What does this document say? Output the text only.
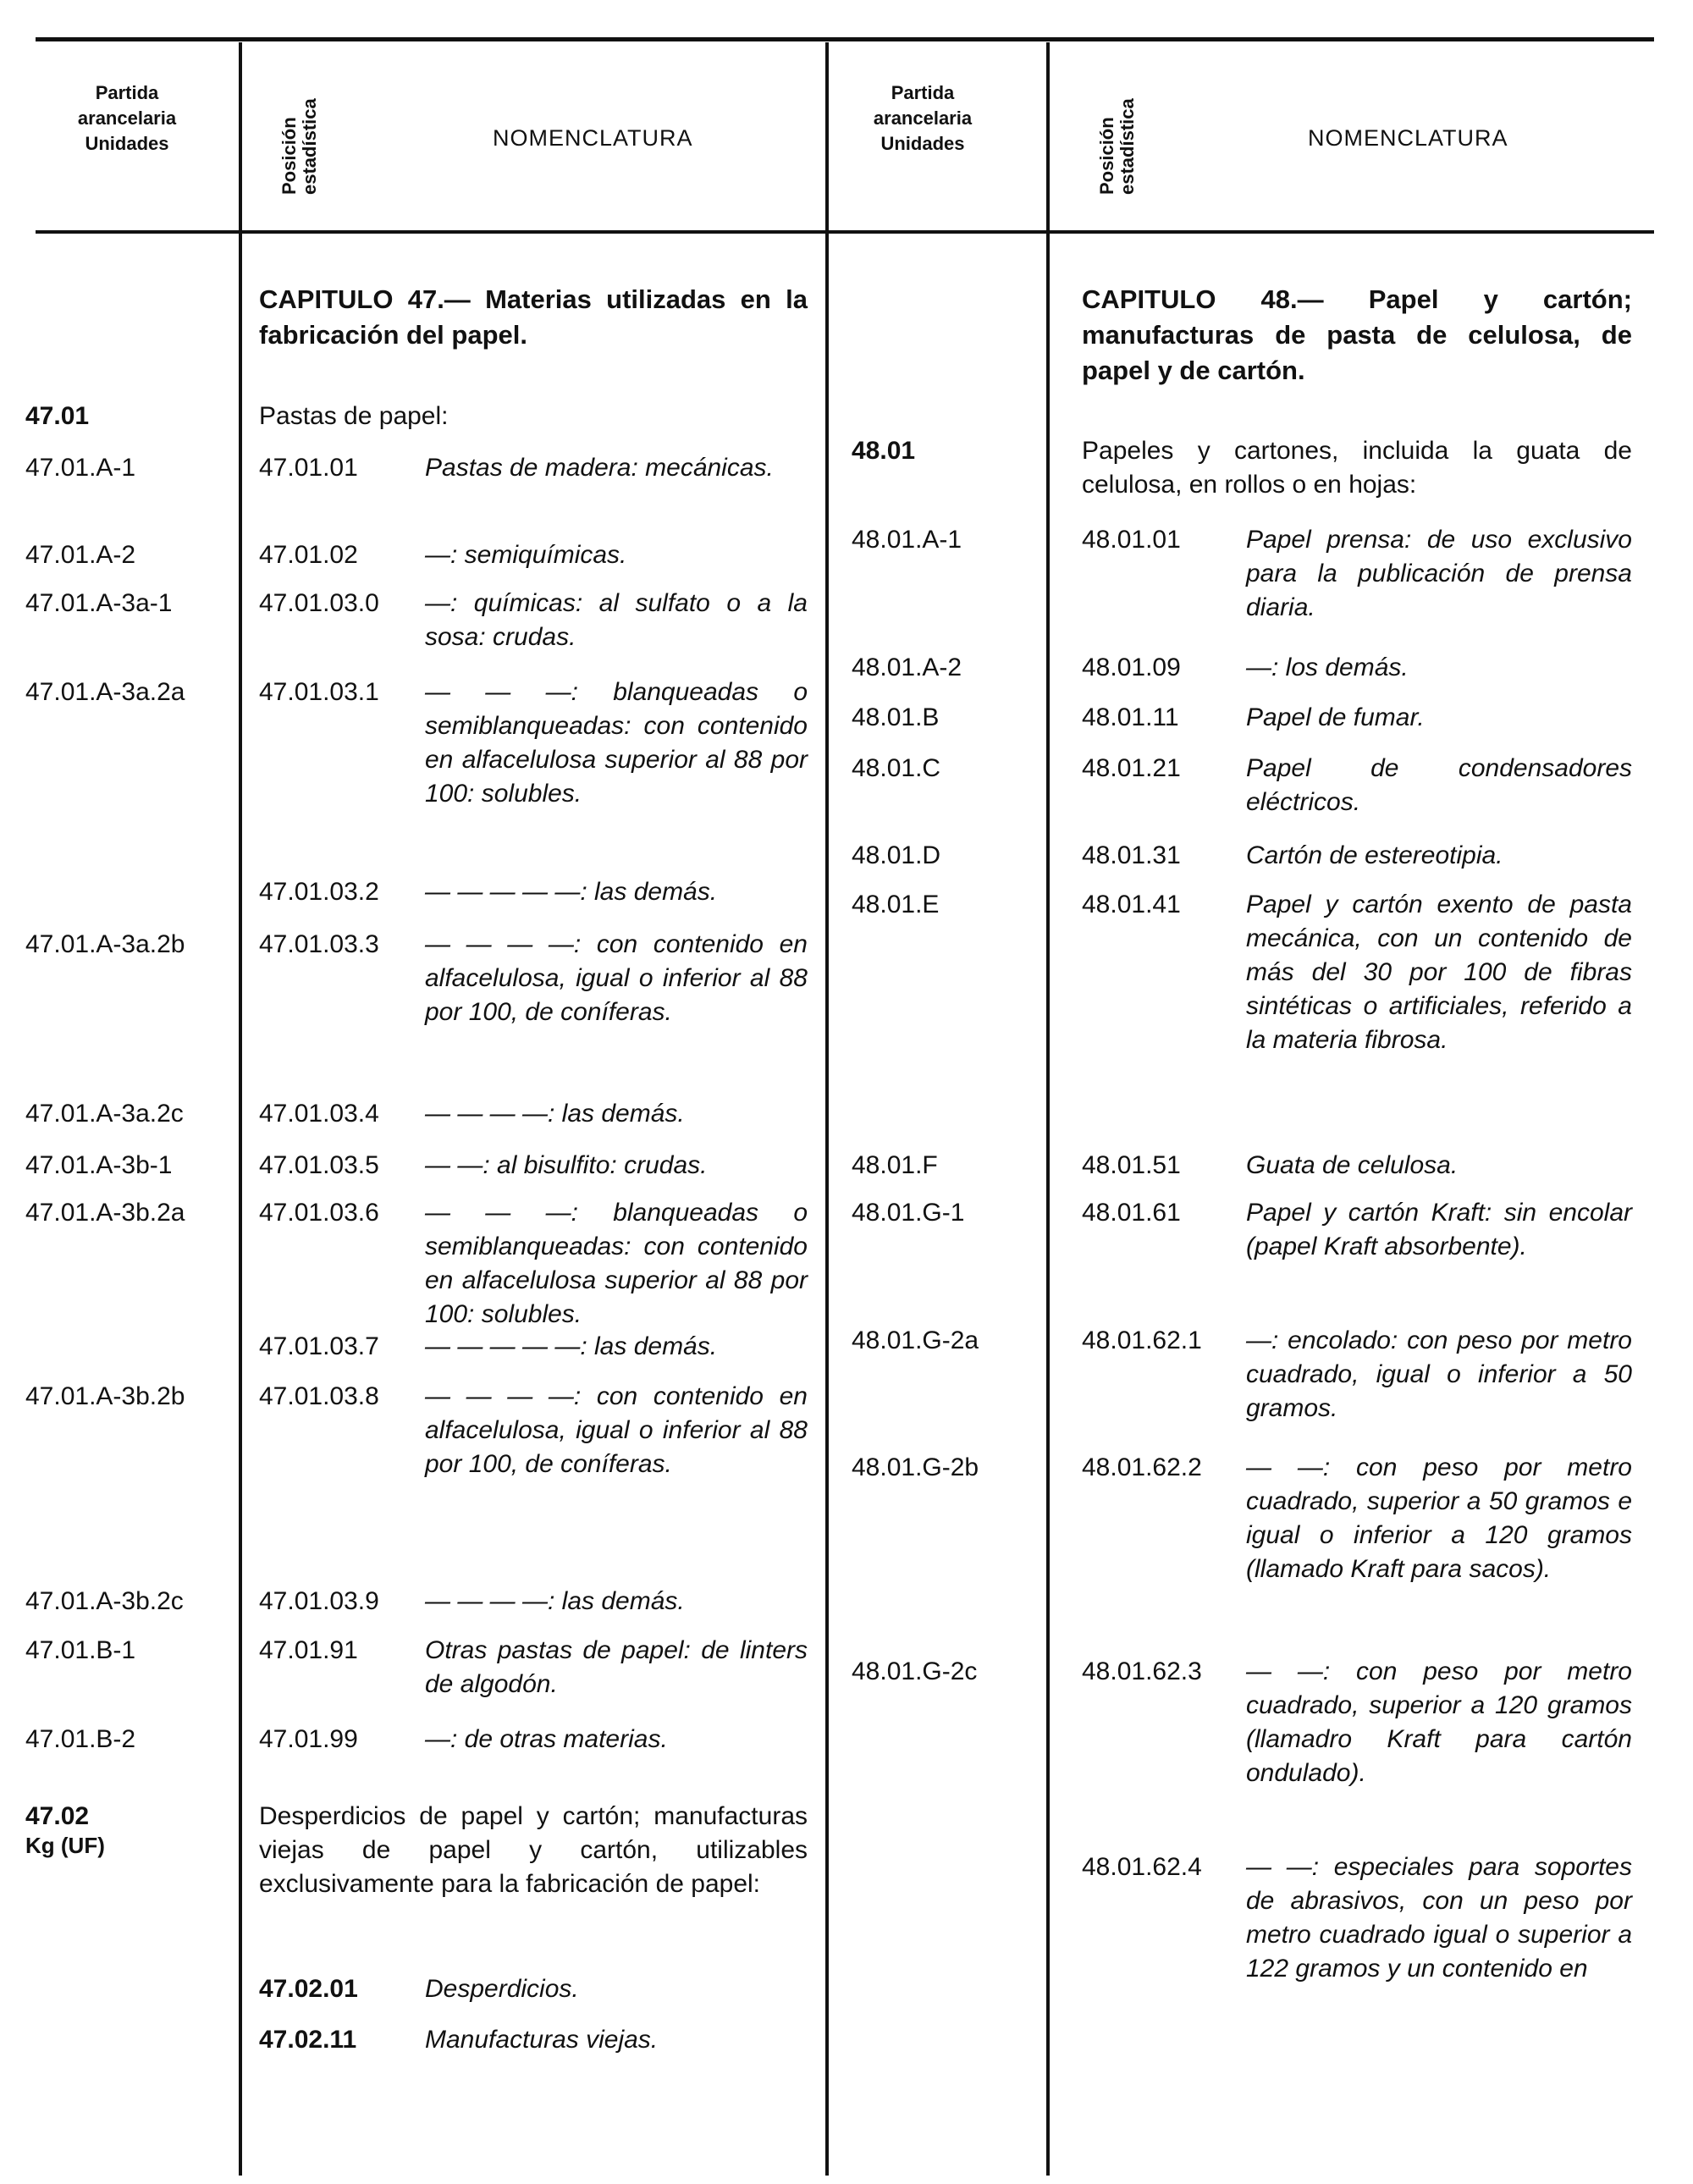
Partida
arancelaria
Unidades	Posición
estadística	NOMENCLATURA
Partida
arancelaria
Unidades	Posición
estadística	NOMENCLATURA
CAPITULO 47.— Materias utilizadas en la fabricación del papel.
47.01	Pastas de papel:
47.01.A-1	47.01.01	Pastas de madera: mecánicas.
47.01.A-2	47.01.02	—: semiquímicas.
47.01.A-3a-1	47.01.03.0 —: químicas: al sulfato o a la sosa: crudas.
47.01.A-3a.2a	47.01.03.1 — — —: blanqueadas o semiblanqueadas: con contenido en alfacelulosa superior al 88 por 100: solubles.
47.01.03.2 — — — — —: las demás.
47.01.A-3a.2b	47.01.03.3 — — — —: con contenido en alfacelulosa, igual o inferior al 88 por 100, de coníferas.
47.01.A-3a.2c	47.01.03.4 — — — —: las demás.
47.01.A-3b-1	47.01.03.5 — —: al bisulfito: crudas.
47.01.A-3b.2a	47.01.03.6 — — —: blanqueadas o semiblanqueadas: con contenido en alfacelulosa superior al 88 por 100: solubles.
47.01.03.7 — — — — —: las demás.
47.01.A-3b.2b	47.01.03.8 — — — —: con contenido en alfacelulosa, igual o inferior al 88 por 100, de coníferas.
47.01.A-3b.2c	47.01.03.9 — — — —: las demás.
47.01.B-1	47.01.91	Otras pastas de papel: de linters de algodón.
47.01.B-2	47.01.99	—: de otras materias.
47.02
Kg (UF)
Desperdicios de papel y cartón; manufacturas viejas de papel y cartón, utilizables exclusivamente para la fabricación de papel:
47.02.01	Desperdicios.
47.02.11	Manufacturas viejas.
CAPITULO 48.— Papel y cartón; manufacturas de pasta de celulosa, de papel y de cartón.
48.01	Papeles y cartones, incluida la guata de celulosa, en rollos o en hojas:
48.01.A-1	48.01.01	Papel prensa: de uso exclusivo para la publicación de prensa diaria.
48.01.A-2	48.01.09	—: los demás.
48.01.B	48.01.11	Papel de fumar.
48.01.C	48.01.21	Papel de condensadores eléctricos.
48.01.D	48.01.31	Cartón de estereotipia.
48.01.E	48.01.41	Papel y cartón exento de pasta mecánica, con un contenido de más del 30 por 100 de fibras sintéticas o artificiales, referido a la materia fibrosa.
48.01.F	48.01.51	Guata de celulosa.
48.01.G-1	48.01.61	Papel y cartón Kraft: sin encolar (papel Kraft absorbente).
48.01.G-2a	48.01.62.1 —: encolado: con peso por metro cuadrado, igual o inferior a 50 gramos.
48.01.G-2b	48.01.62.2 — —: con peso por metro cuadrado, superior a 50 gramos e igual o inferior a 120 gramos (llamado Kraft para sacos).
48.01.G-2c	48.01.62.3 — —: con peso por metro cuadrado, superior a 120 gramos (llamadro Kraft para cartón ondulado).
48.01.62.4 — —: especiales para soportes de abrasivos, con un peso por metro cuadrado igual o superior a 122 gramos y un contenido en
